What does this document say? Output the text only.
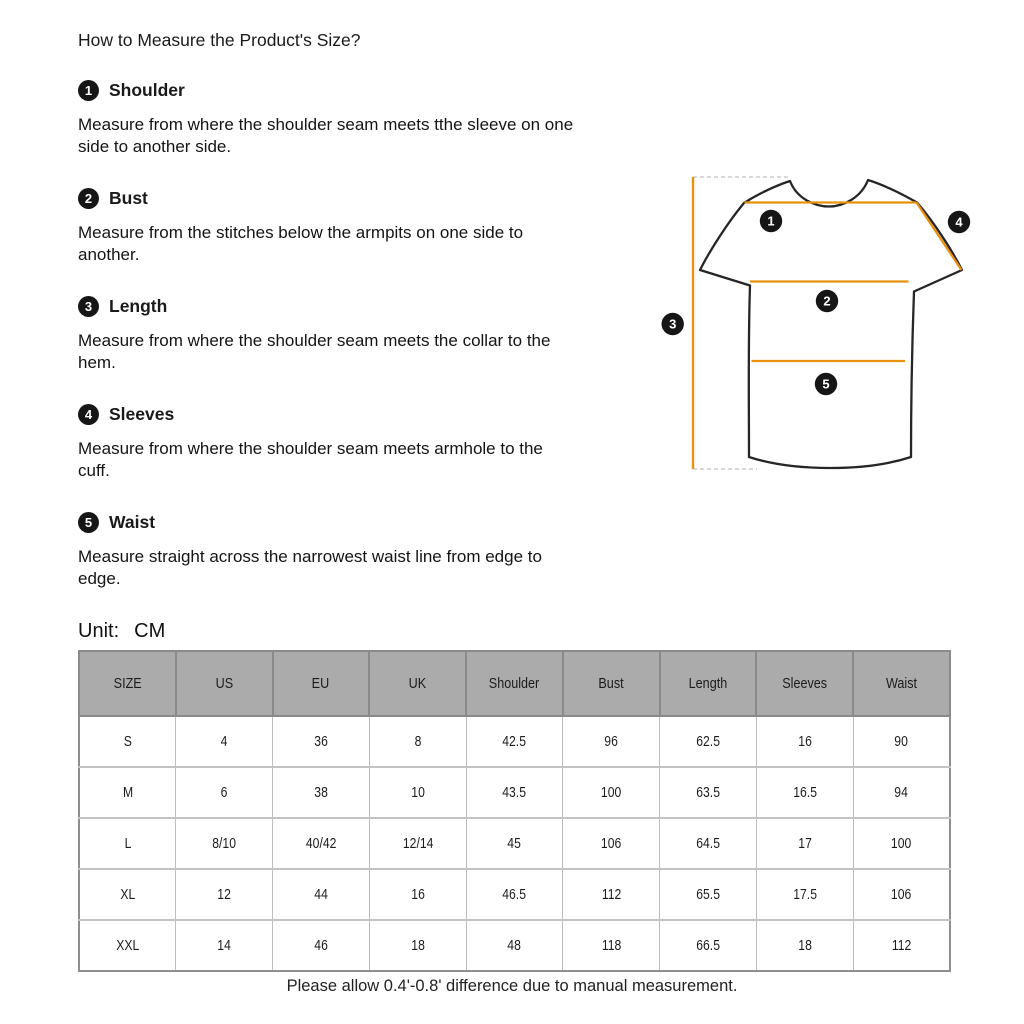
How to Measure the Product's Size?
1 Shoulder
Measure from where the shoulder seam meets tthe sleeve on one
side to another side.
2 Bust
Measure from the stitches below the armpits on one side to
another.
3 Length
Measure from where the shoulder seam meets the collar to the
hem.
4 Sleeves
Measure from where the shoulder seam meets armhole to the
cuff.
5 Waist
Measure straight across the narrowest waist line from edge to
edge.
Unit: CM
1
2
3
4
5
SIZE	US	EU	UK	Shoulder	Bust	Length	Sleeves	Waist
S	4	36	8	42.5	96	62.5	16	90
M	6	38	10	43.5	100	63.5	16.5	94
L	8/10	40/42	12/14	45	106	64.5	17	100
XL	12	44	16	46.5	112	65.5	17.5	106
XXL	14	46	18	48	118	66.5	18	112
Please allow 0.4'-0.8' difference due to manual measurement.
